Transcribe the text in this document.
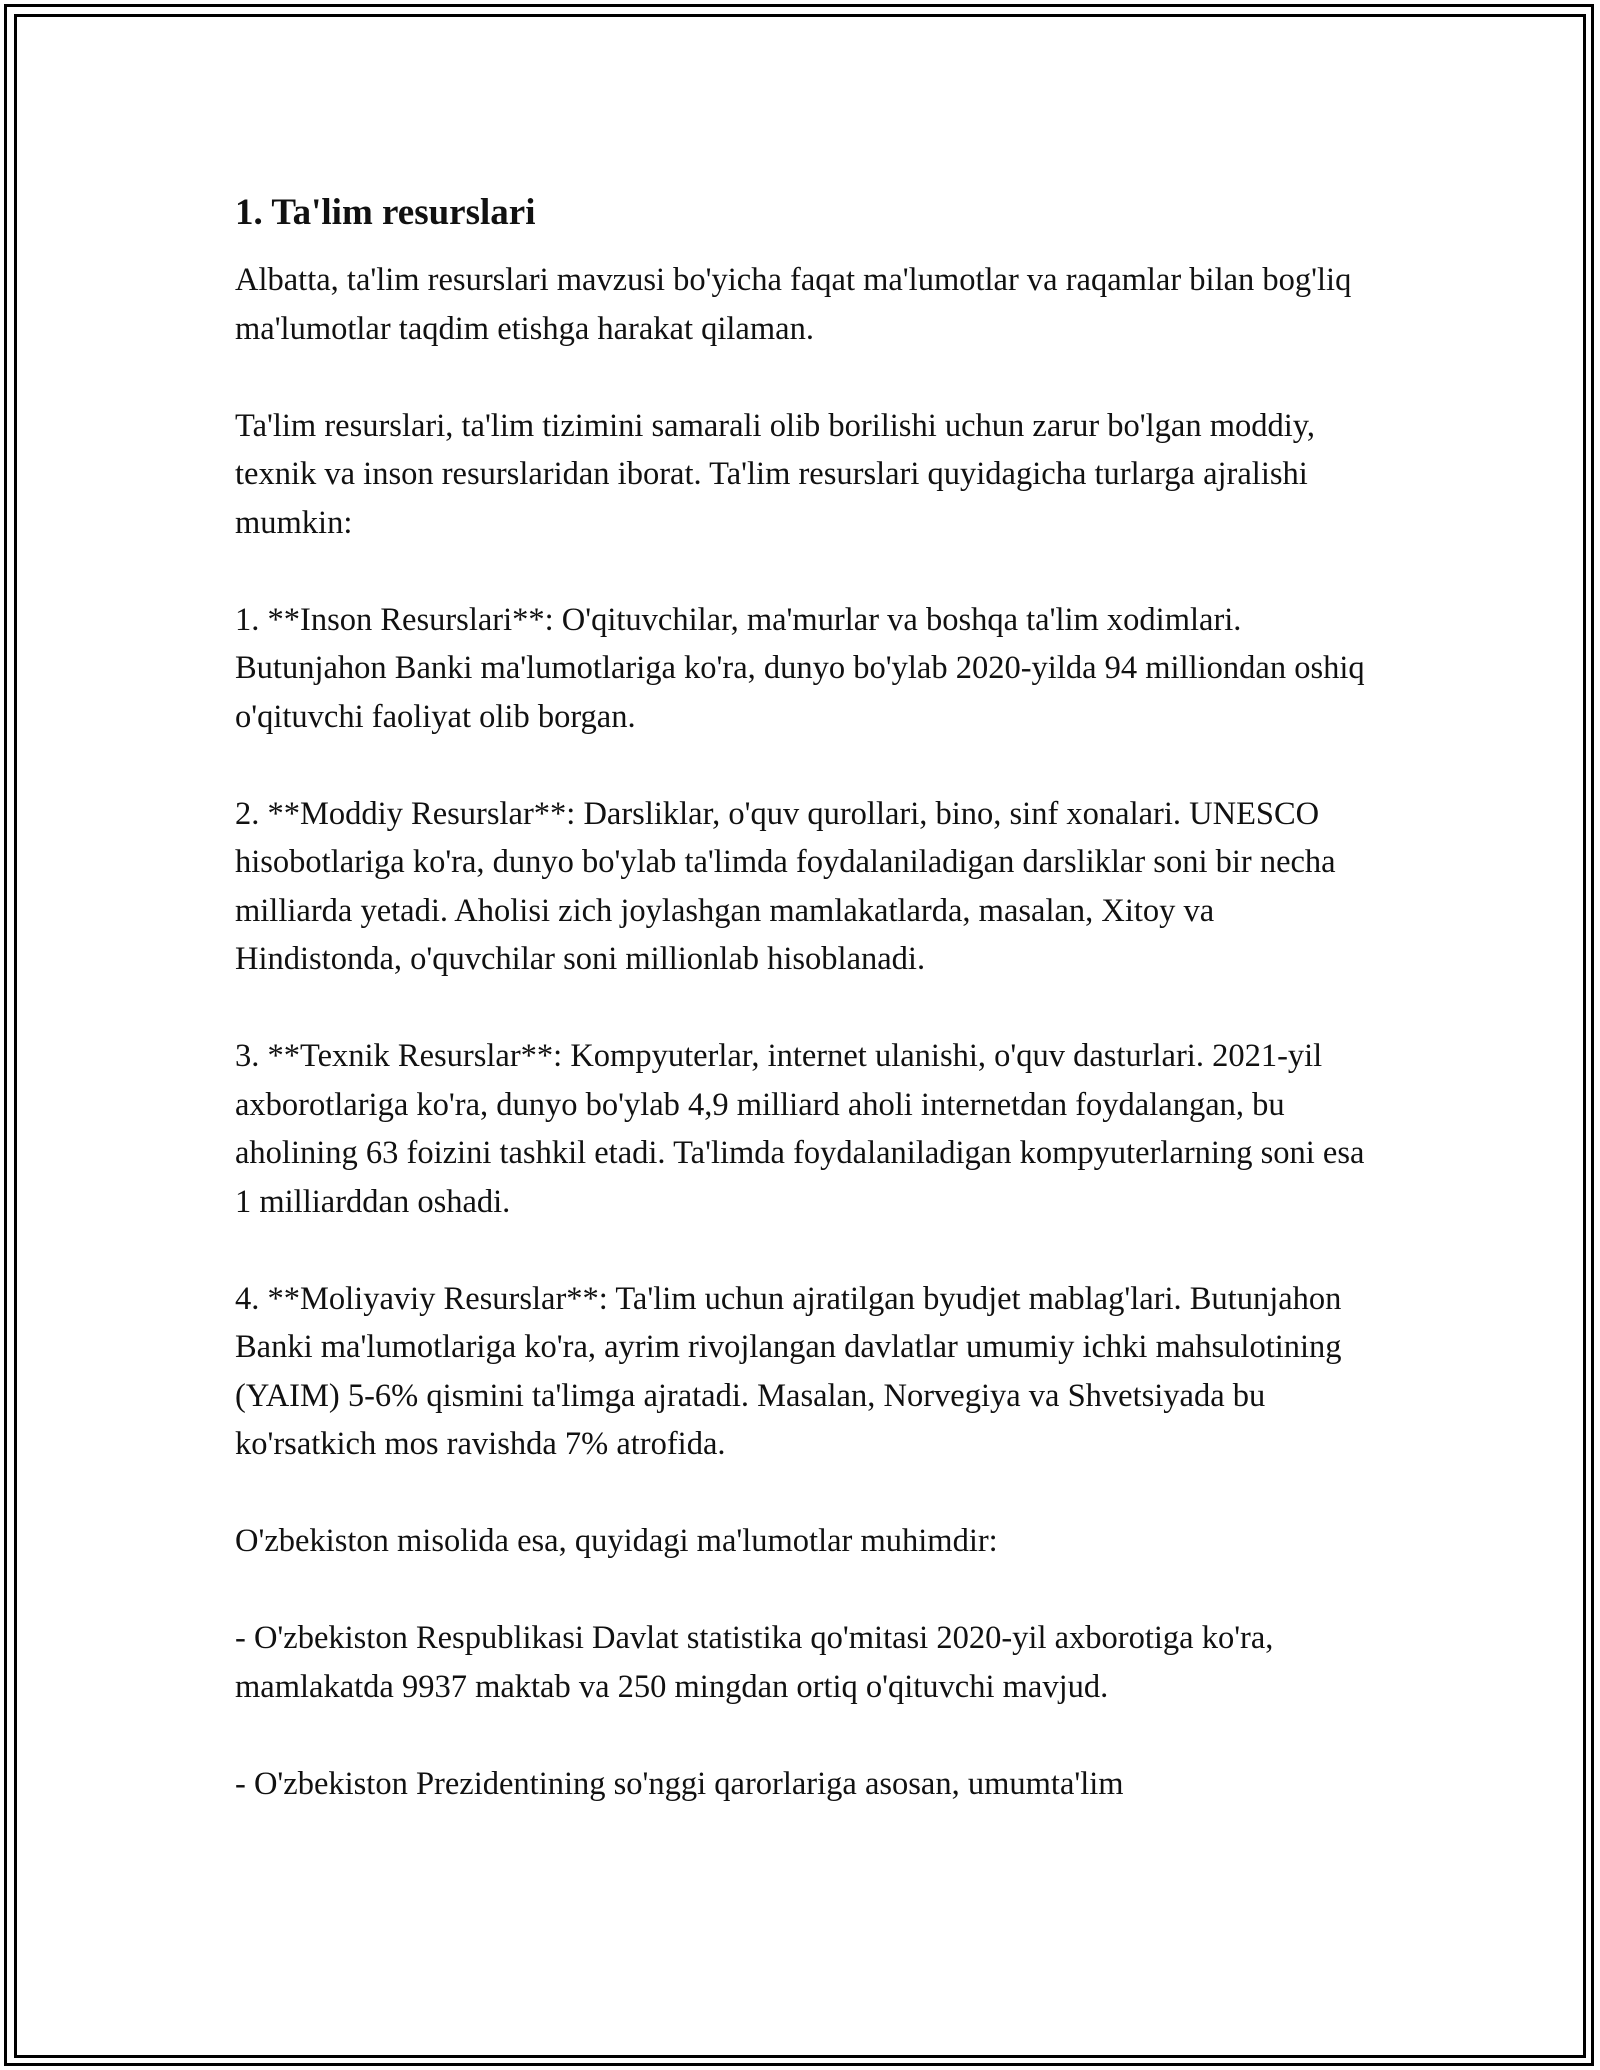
1. Ta'lim resurslari

Albatta, ta'lim resurslari mavzusi bo'yicha faqat ma'lumotlar va raqamlar bilan bog'liq ma'lumotlar taqdim etishga harakat qilaman.

Ta'lim resurslari, ta'lim tizimini samarali olib borilishi uchun zarur bo'lgan moddiy, texnik va inson resurslaridan iborat. Ta'lim resurslari quyidagicha turlarga ajralishi mumkin:

1. **Inson Resurslari**: O'qituvchilar, ma'murlar va boshqa ta'lim xodimlari. Butunjahon Banki ma'lumotlariga ko'ra, dunyo bo'ylab 2020-yilda 94 milliondan oshiq o'qituvchi faoliyat olib borgan.

2. **Moddiy Resurslar**: Darsliklar, o'quv qurollari, bino, sinf xonalari. UNESCO hisobotlariga ko'ra, dunyo bo'ylab ta'limda foydalaniladigan darsliklar soni bir necha milliarda yetadi. Aholisi zich joylashgan mamlakatlarda, masalan, Xitoy va Hindistonda, o'quvchilar soni millionlab hisoblanadi.

3. **Texnik Resurslar**: Kompyuterlar, internet ulanishi, o'quv dasturlari. 2021-yil axborotlariga ko'ra, dunyo bo'ylab 4,9 milliard aholi internetdan foydalangan, bu aholining 63 foizini tashkil etadi. Ta'limda foydalaniladigan kompyuterlarning soni esa 1 milliarddan oshadi.

4. **Moliyaviy Resurslar**: Ta'lim uchun ajratilgan byudjet mablag'lari. Butunjahon Banki ma'lumotlariga ko'ra, ayrim rivojlangan davlatlar umumiy ichki mahsulotining (YAIM) 5-6% qismini ta'limga ajratadi. Masalan, Norvegiya va Shvetsiyada bu ko'rsatkich mos ravishda 7% atrofida.

O'zbekiston misolida esa, quyidagi ma'lumotlar muhimdir:

- O'zbekiston Respublikasi Davlat statistika qo'mitasi 2020-yil axborotiga ko'ra, mamlakatda 9937 maktab va 250 mingdan ortiq o'qituvchi mavjud.

- O'zbekiston Prezidentining so'nggi qarorlariga asosan, umumta'lim
